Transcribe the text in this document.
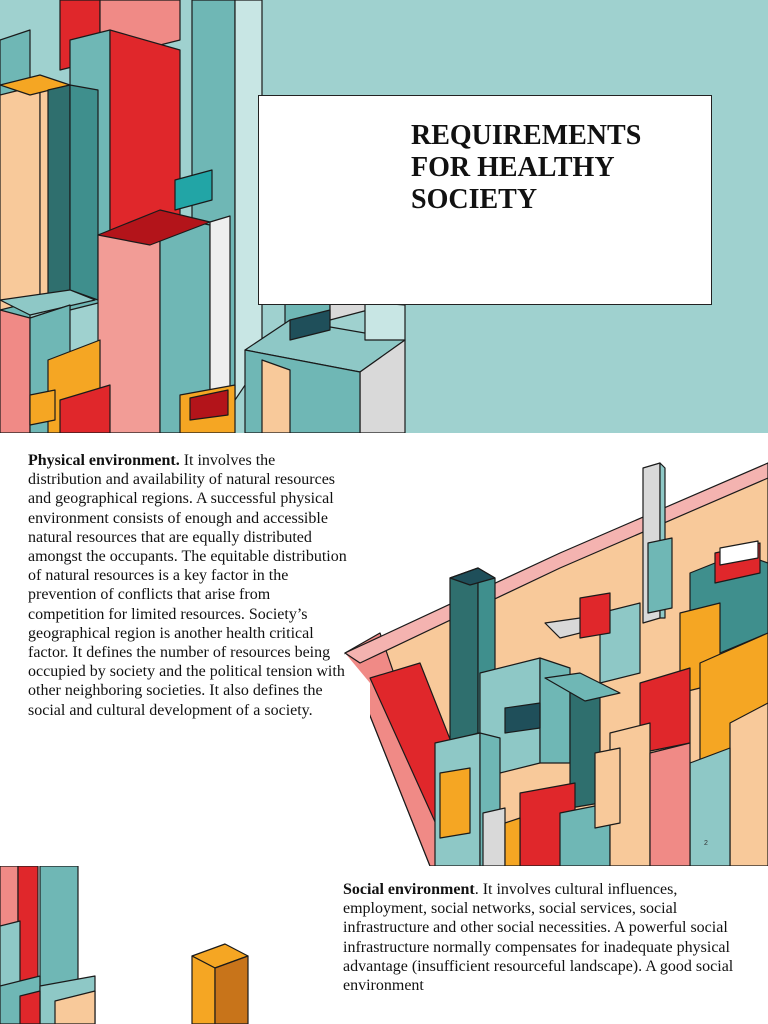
REQUIREMENTS FOR HEALTHY SOCIETY

Physical environment. It involves the distribution and availability of natural resources and geographical regions. A successful physical environment consists of enough and accessible natural resources that are equally distributed amongst the occupants. The equitable distribution of natural resources is a key factor in the prevention of conflicts that arise from competition for limited resources. Society’s geographical region is another health critical factor. It defines the number of resources being occupied by society and the political tension with other neighboring societies. It also defines the social and cultural development of a society.

2

Social environment. It involves cultural influences, employment, social networks, social services, social infrastructure and other social necessities. A powerful social infrastructure normally compensates for inadequate physical advantage (insufficient resourceful landscape). A good social environment
